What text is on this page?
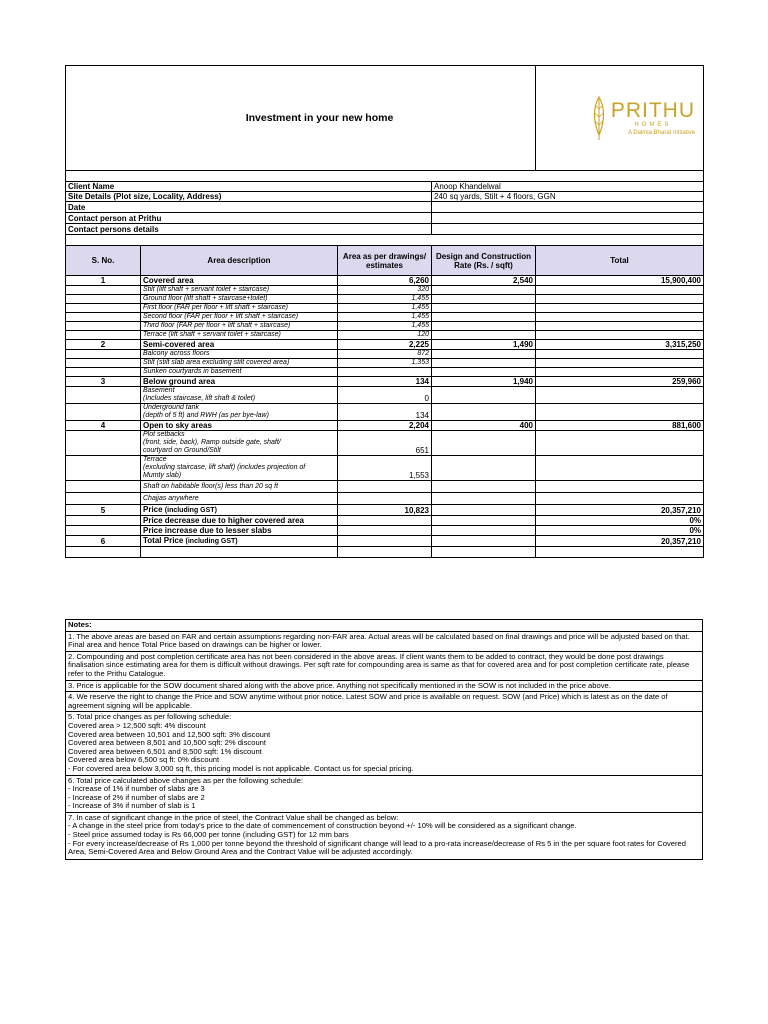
Investment in your new home				PRITHU
HOMES
A Dalmia Bharat Initiative

Client Name			Anoop Khandelwal	
Site Details (Plot size, Locality, Address)			240 sq yards, Stilt + 4 floors, GGN	
Date				
Contact person at Prithu				
Contact persons details				

S. No.	Area description	Area as per drawings/ estimates	Design and Construction Rate (Rs. / sqft)	Total
1	Covered area	6,260	2,540	15,900,400
	Stilt (lift shaft + servant toilet + staircase)	320		
	Ground floor (lift shaft + staircase+toilet)	1,455		
	First floor (FAR per floor + lift shaft + staircase)	1,455		
	Second floor (FAR per floor + lift shaft + staircase)	1,455		
	Third floor (FAR per floor + lift shaft + staircase)	1,455		
	Terrace (lift shaft + servant toilet + staircase)	120		
2	Semi-covered area	2,225	1,490	3,315,250
	Balcony across floors	872		
	Stilt (stilt slab area excluding stilt covered area)	1,353		
	Sunken courtyards in basement			
3	Below ground area	134	1,940	259,960

	Basement
(Includes staircase, lift shaft & toilet)	0		

	Underground tank
(depth of 5 ft) and RWH (as per bye-law)	134		
4	Open to sky areas	2,204	400	881,600

	Plot setbacks
(front, side, back), Ramp outside gate, shaft/
courtyard on Ground/Stilt	651		

	Terrace
(excluding staircase, lift shaft) (includes projection of
Mumty slab)	1,553		
	Shaft on habitable floor(s) less than 20 sq ft			
	Chajjas anywhere			
5	Price (including GST)	10,823		20,357,210
	Price decrease due to higher covered area			0%
	Price increase due to lesser slabs			0%
6	Total Price (including GST)			20,357,210

Notes:
1. The above areas are based on FAR and certain assumptions regarding non-FAR area. Actual areas will be calculated based on final drawings and price will be adjusted based on that. Final area and hence Total Price based on drawings can be higher or lower.
2. Compounding and post completion certificate area has not been considered in the above areas. If client wants them to be added to contract, they would be done post drawings finalisation since estimating area for them is difficult without drawings. Per sqft rate for compounding area is same as that for covered area and for post completion certificate rate, please refer to the Prithu Catalogue.
3. Price is applicable for the SOW document shared along with the above price. Anything not specifically mentioned in the SOW is not included in the price above.
4. We reserve the right to change the Price and SOW anytime without prior notice. Latest SOW and price is available on request. SOW (and Price) which is latest as on the date of agreement signing will be applicable.

5. Total price changes as per following schedule:
Covered area > 12,500 sqft: 4% discount
Covered area between 10,501 and 12,500 sqft: 3% discount
Covered area between 8,501 and 10,500 sqft: 2% discount
Covered area between 6,501 and 8,500 sqft: 1% discount
Covered area below 6,500 sq ft: 0% discount
- For covered area below 3,000 sq ft, this pricing model is not applicable. Contact us for special pricing.

6. Total price calculated above changes as per the following schedule:
- Increase of 1% if number of slabs are 3
- Increase of 2% if number of slabs are 2
- Increase of 3% if number of slab is 1

7. In case of significant change in the price of steel, the Contract Value shall be changed as below:
- A change in the steel price from today's price to the date of commencement of construction beyond +/- 10% will be considered as a significant change.
- Steel price assumed today is Rs 66,000 per tonne (including GST) for 12 mm bars
- For every increase/decrease of Rs 1,000 per tonne beyond the threshold of significant change will lead to a pro-rata increase/decrease of Rs 5 in the per square foot rates for Covered Area, Semi-Covered Area and Below Ground Area and the Contract Value will be adjusted accordingly.
